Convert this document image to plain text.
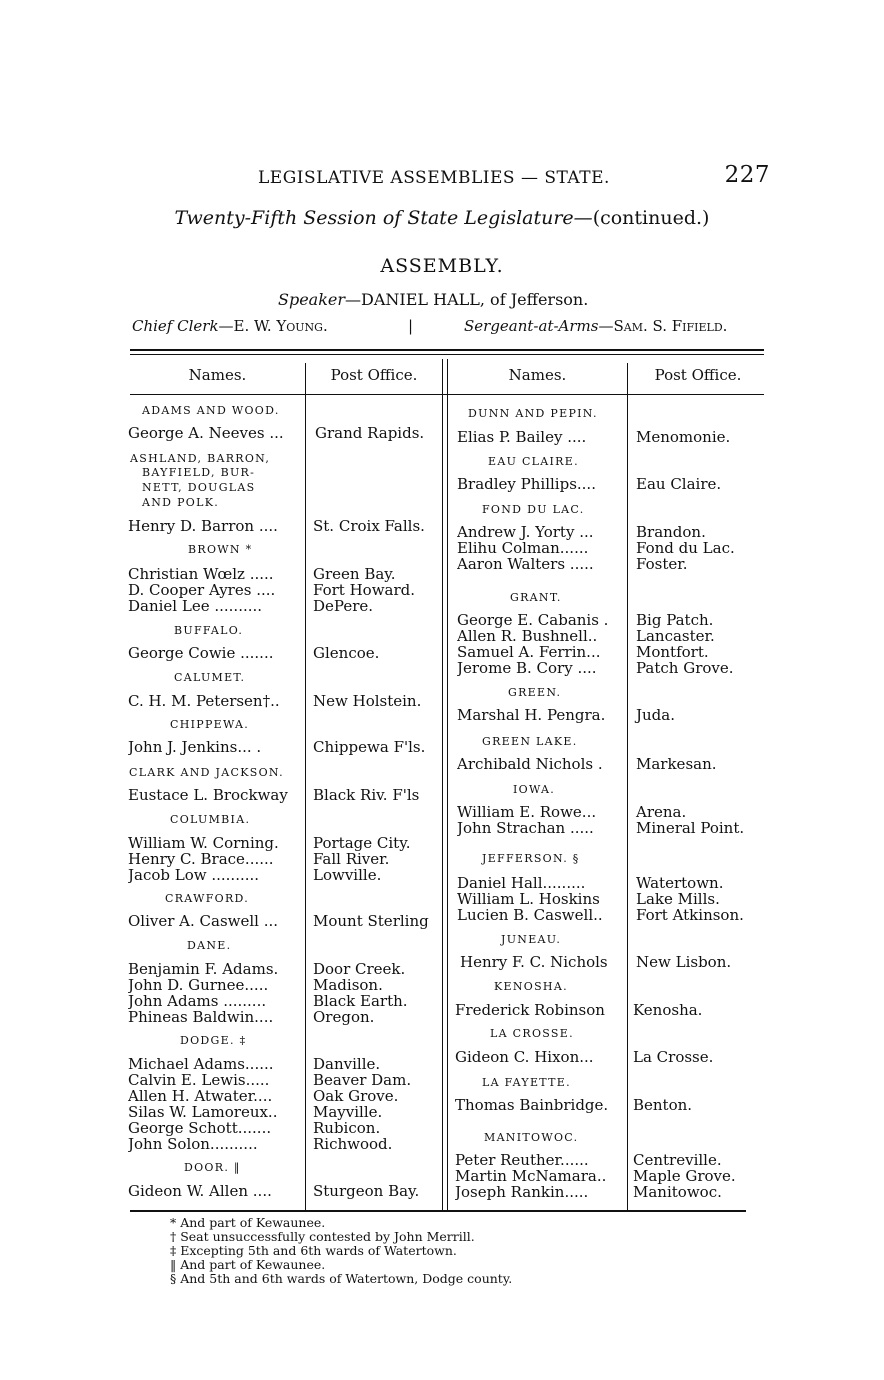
LEGISLATIVE ASSEMBLIES — STATE.	227
Twenty-Fifth Session of State Legislature—(continued.)
ASSEMBLY.
Speaker—DANIEL HALL, of Jefferson.
Chief Clerk—E. W. Young.	|	Sergeant-at-Arms—Sam. S. Fifield.
Names.	Post Office.	Names.	Post Office.
ADAMS AND WOOD.
George A. Neeves ...	Grand Rapids.
ASHLAND, BARRON,
BAYFIELD, BUR-
NETT, DOUGLAS
AND POLK.
Henry D. Barron ....	St. Croix Falls.
BROWN *
Christian Wœlz .....	Green Bay.
D. Cooper Ayres ....	Fort Howard.
Daniel Lee ..........	DePere.
BUFFALO.
George Cowie .......	Glencoe.
CALUMET.
C. H. M. Petersen†..	New Holstein.
CHIPPEWA.
John J. Jenkins... .	Chippewa F'ls.
CLARK AND JACKSON.
Eustace L. Brockway	Black Riv. F'ls
COLUMBIA.
William W. Corning.	Portage City.
Henry C. Brace......	Fall River.
Jacob Low ..........	Lowville.
CRAWFORD.
Oliver A. Caswell ...	Mount Sterling
DANE.
Benjamin F. Adams.	Door Creek.
John D. Gurnee.....	Madison.
John Adams .........	Black Earth.
Phineas Baldwin....	Oregon.
DODGE. ‡
Michael Adams......	Danville.
Calvin E. Lewis.....	Beaver Dam.
Allen H. Atwater....	Oak Grove.
Silas W. Lamoreux..	Mayville.
George Schott.......	Rubicon.
John Solon..........	Richwood.
DOOR. ‖
Gideon W. Allen ....	Sturgeon Bay.
DUNN AND PEPIN.
Elias P. Bailey ....	Menomonie.
EAU CLAIRE.
Bradley Phillips....	Eau Claire.
FOND DU LAC.
Andrew J. Yorty ...	Brandon.
Elihu Colman......	Fond du Lac.
Aaron Walters .....	Foster.
GRANT.
George E. Cabanis .	Big Patch.
Allen R. Bushnell..	Lancaster.
Samuel A. Ferrin...	Montfort.
Jerome B. Cory ....	Patch Grove.
GREEN.
Marshal H. Pengra.	Juda.
GREEN LAKE.
Archibald Nichols .	Markesan.
IOWA.
William E. Rowe...	Arena.
John Strachan .....	Mineral Point.
JEFFERSON. §
Daniel Hall.........	Watertown.
William L. Hoskins	Lake Mills.
Lucien B. Caswell..	Fort Atkinson.
JUNEAU.
Henry F. C. Nichols	New Lisbon.
KENOSHA.
Frederick Robinson	Kenosha.
LA CROSSE.
Gideon C. Hixon...	La Crosse.
LA FAYETTE.
Thomas Bainbridge.	Benton.
MANITOWOC.
Peter Reuther......	Centreville.
Martin McNamara..	Maple Grove.
Joseph Rankin.....	Manitowoc.
* And part of Kewaunee.
† Seat unsuccessfully contested by John Merrill.
‡ Excepting 5th and 6th wards of Watertown.
‖ And part of Kewaunee.
§ And 5th and 6th wards of Watertown, Dodge county.
